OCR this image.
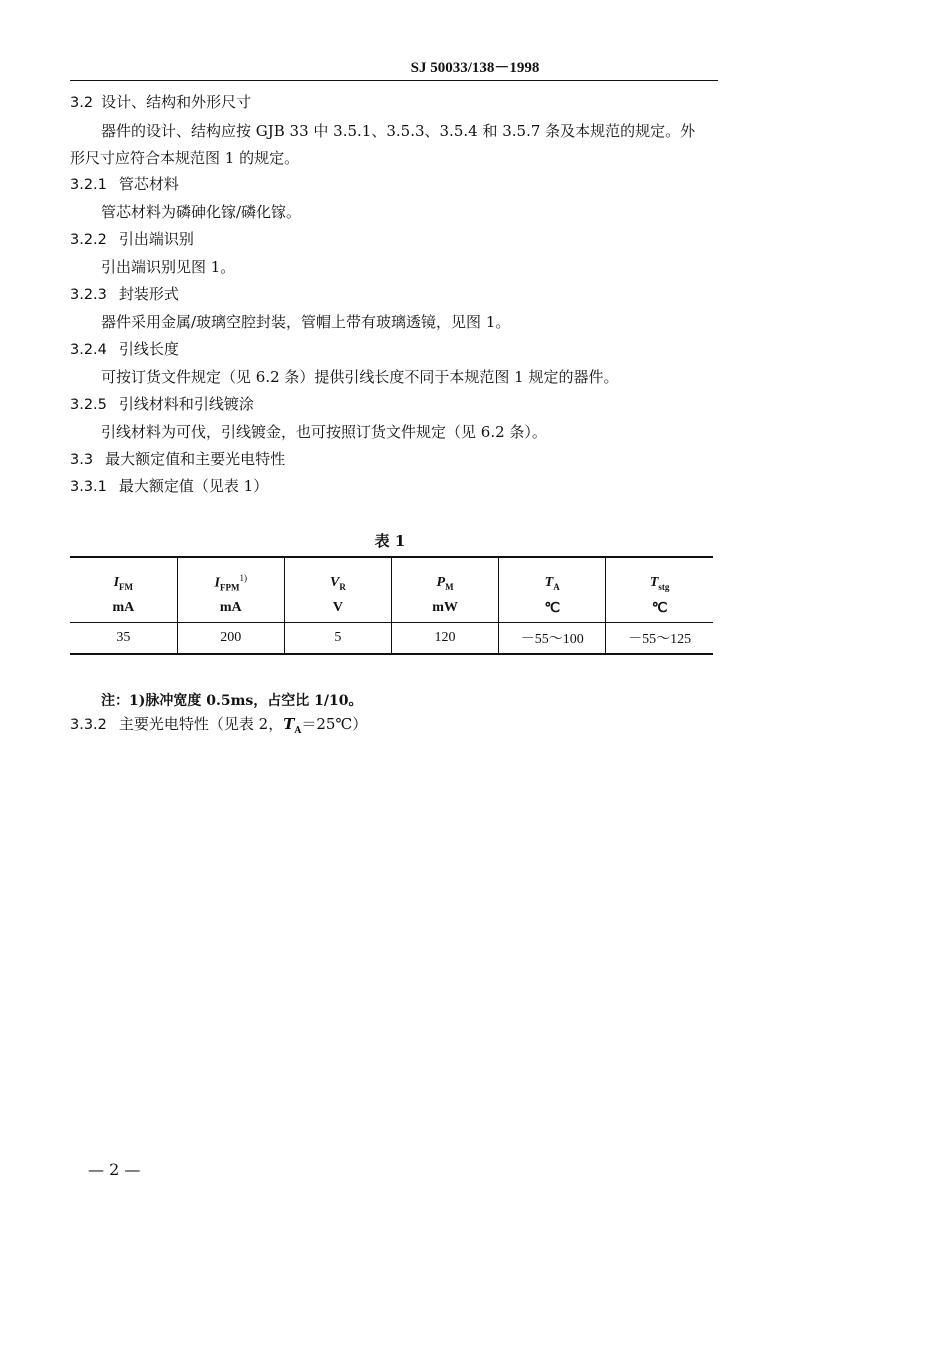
SJ 50033/138－1998
3.2 设计、结构和外形尺寸
器件的设计、结构应按 GJB 33 中 3.5.1、3.5.3、3.5.4 和 3.5.7 条及本规范的规定。外
形尺寸应符合本规范图 1 的规定。
3.2.1 管芯材料
管芯材料为磷砷化镓/磷化镓。
3.2.2 引出端识别
引出端识别见图 1。
3.2.3 封装形式
器件采用金属/玻璃空腔封装，管帽上带有玻璃透镜，见图 1。
3.2.4 引线长度
可按订货文件规定（见 6.2 条）提供引线长度不同于本规范图 1 规定的器件。
3.2.5 引线材料和引线镀涂
引线材料为可伐，引线镀金，也可按照订货文件规定（见 6.2 条）。
3.3 最大额定值和主要光电特性
3.3.1 最大额定值（见表 1）
表 1
$I_{FM}$	$I_{FPM}^{1)}$	$V_R$	$P_M$	$T_A$	$T_{stg}$
mA	mA	V	mW	℃	℃
35	200	5	120	－55～100	－55～125
注：1)脉冲宽度 0.5ms，占空比 1/10。
3.3.2 主要光电特性（见表 2，$T_A=25℃$）
— 2 —
